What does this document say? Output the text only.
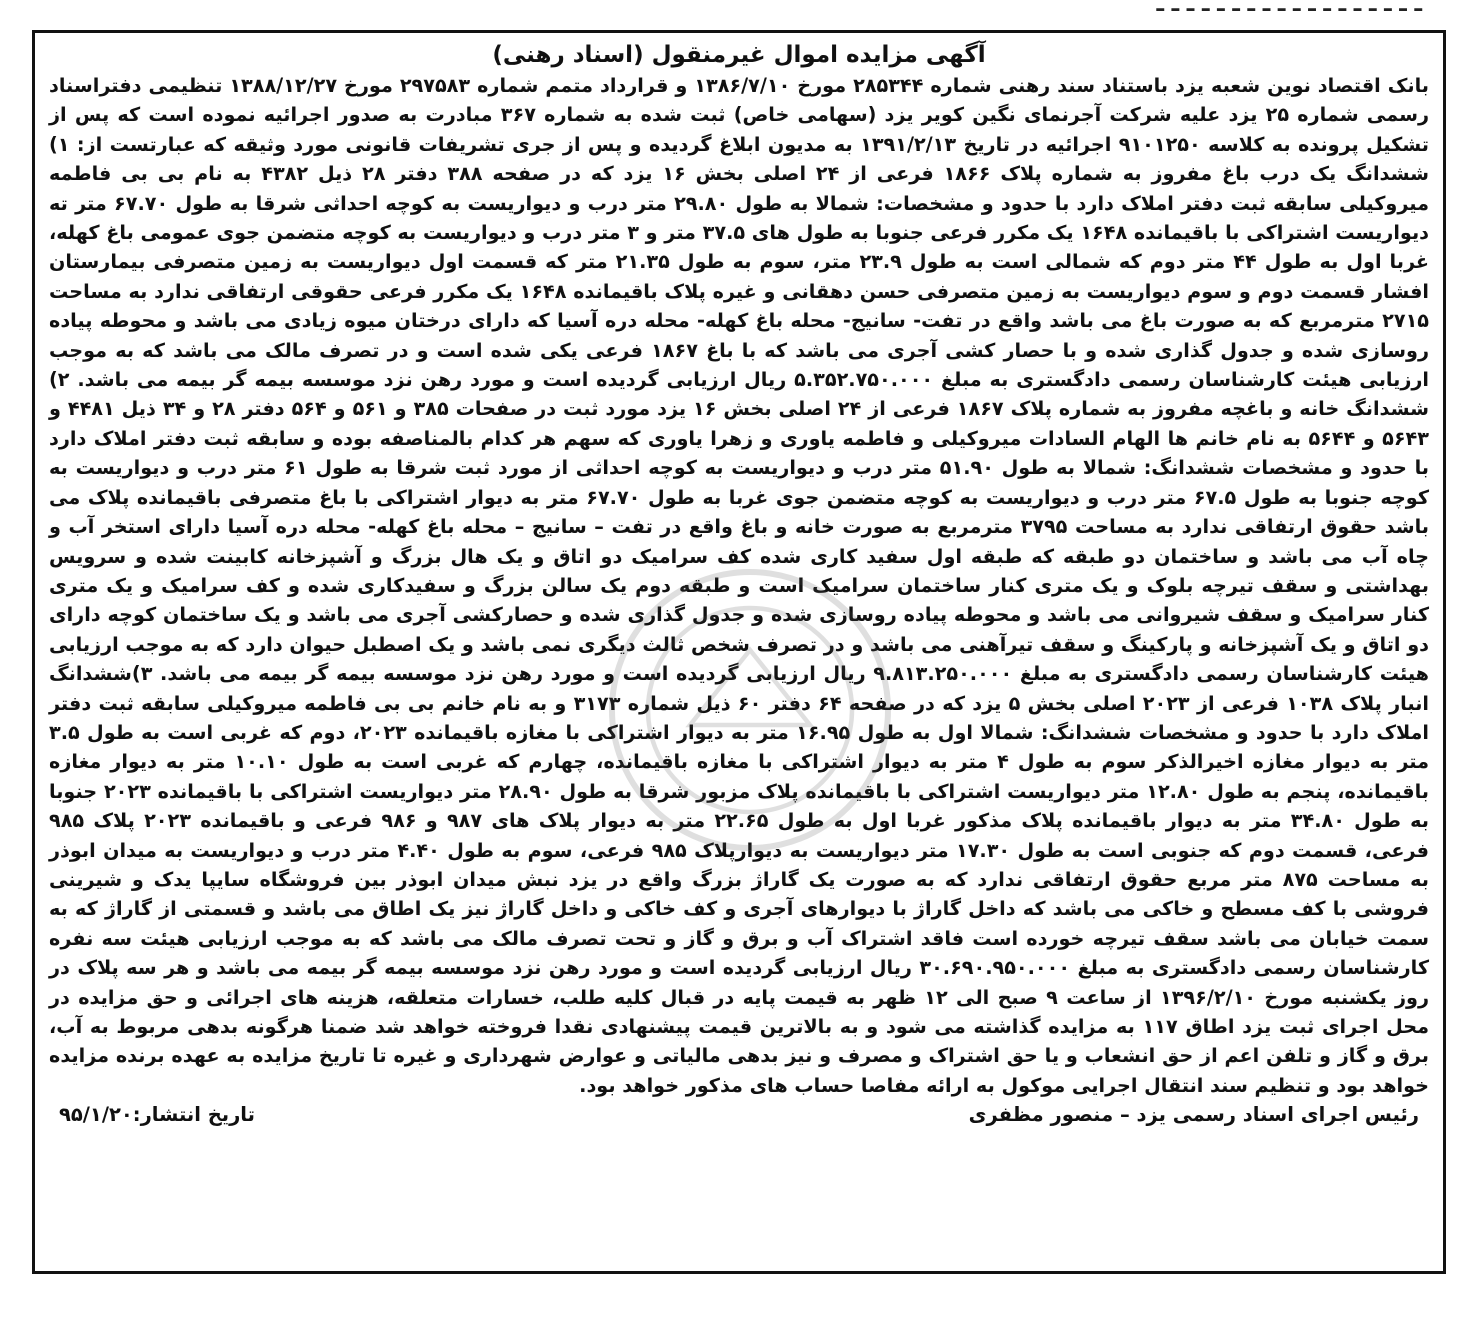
ـ ـ ـ ـ ـ ـ ـ ـ ـ ـ ـ ـ ـ ـ ـ ـ ـ ـ
آگهی مزایده اموال غیرمنقول (اسناد رهنی)

بانک اقتصاد نوین شعبه یزد باستناد سند رهنی شماره ۲۸۵۳۴۴ مورخ ۱۳۸۶/۷/۱۰ و قرارداد متمم شماره ۲۹۷۵۸۳ مورخ ۱۳۸۸/۱۲/۲۷ تنظیمی دفتراسناد رسمی شماره ۲۵ یزد علیه شرکت آجرنمای نگین کویر یزد (سهامی خاص) ثبت شده به شماره ۳۶۷ مبادرت به صدور اجرائیه نموده است که پس از تشکیل پرونده به کلاسه ۹۱۰۱۲۵۰ اجرائیه در تاریخ ۱۳۹۱/۲/۱۳ به مدیون ابلاغ گردیده و پس از جری تشریفات قانونی مورد وثیقه که عبارتست از: ۱) ششدانگ یک درب باغ مفروز به شماره پلاک ۱۸۶۶ فرعی از ۲۴ اصلی بخش ۱۶ یزد که در صفحه ۳۸۸ دفتر ۲۸ ذیل ۴۳۸۲ به نام بی بی فاطمه میروکیلی سابقه ثبت دفتر املاک دارد با حدود و مشخصات: شمالا به طول ۲۹.۸۰ متر درب و دیواریست به کوچه احداثی شرقا به طول ۶۷.۷۰ متر ته دیواریست اشتراکی با باقیمانده ۱۶۴۸ یک مکرر فرعی جنوبا به طول های ۳۷.۵ متر و ۳ متر درب و دیواریست به کوچه متضمن جوی عمومی باغ کهله، غربا اول به طول ۴۴ متر دوم که شمالی است به طول ۲۳.۹ متر، سوم به طول ۲۱.۳۵ متر که قسمت اول دیواریست به زمین متصرفی بیمارستان افشار قسمت دوم و سوم دیواریست به زمین متصرفی حسن دهقانی و غیره پلاک باقیمانده ۱۶۴۸ یک مکرر فرعی حقوقی ارتفاقی ندارد به مساحت ۲۷۱۵ مترمربع که به صورت باغ می باشد واقع در تفت- سانیج- محله باغ کهله- محله دره آسیا که دارای درختان میوه زیادی می باشد و محوطه پیاده روسازی شده و جدول گذاری شده و با حصار کشی آجری می باشد که با باغ ۱۸۶۷ فرعی یکی شده است و در تصرف مالک می باشد که به موجب ارزیابی هیئت کارشناسان رسمی دادگستری به مبلغ ۵.۳۵۲.۷۵۰.۰۰۰ ریال ارزیابی گردیده است و مورد رهن نزد موسسه بیمه گر بیمه می باشد. ۲) ششدانگ خانه و باغچه مفروز به شماره پلاک ۱۸۶۷ فرعی از ۲۴ اصلی بخش ۱۶ یزد مورد ثبت در صفحات ۳۸۵ و ۵۶۱ و ۵۶۴ دفتر ۲۸ و ۳۴ ذیل ۴۴۸۱ و ۵۶۴۳ و ۵۶۴۴ به نام خانم ها الهام السادات میروکیلی و فاطمه یاوری و زهرا یاوری که سهم هر کدام بالمناصفه بوده و سابقه ثبت دفتر املاک دارد با حدود و مشخصات ششدانگ: شمالا به طول ۵۱.۹۰ متر درب و دیواریست به کوچه احداثی از مورد ثبت شرقا به طول ۶۱ متر درب و دیواریست به کوچه جنوبا به طول ۶۷.۵ متر درب و دیواریست به کوچه متضمن جوی غربا به طول ۶۷.۷۰ متر به دیوار اشتراکی با باغ متصرفی باقیمانده پلاک می باشد حقوق ارتفاقی ندارد به مساحت ۳۷۹۵ مترمربع به صورت خانه و باغ واقع در تفت – سانیج – محله باغ کهله- محله دره آسیا دارای استخر آب و چاه آب می باشد و ساختمان دو طبقه که طبقه اول سفید کاری شده کف سرامیک دو اتاق و یک هال بزرگ و آشپزخانه کابینت شده و سرویس بهداشتی و سقف تیرچه بلوک و یک متری کنار ساختمان سرامیک است و طبقه دوم یک سالن بزرگ و سفیدکاری شده و کف سرامیک و یک متری کنار سرامیک و سقف شیروانی می باشد و محوطه پیاده روسازی شده و جدول گذاری شده و حصارکشی آجری می باشد و یک ساختمان کوچه دارای دو اتاق و یک آشپزخانه و پارکینگ و سقف تیرآهنی می باشد و در تصرف شخص ثالث دیگری نمی باشد و یک اصطبل حیوان دارد که به موجب ارزیابی هیئت کارشناسان رسمی دادگستری به مبلغ ۹.۸۱۳.۲۵۰.۰۰۰ ریال ارزیابی گردیده است و مورد رهن نزد موسسه بیمه گر بیمه می باشد. ۳)ششدانگ انبار پلاک ۱۰۳۸ فرعی از ۲۰۲۳ اصلی بخش ۵ یزد که در صفحه ۶۴ دفتر ۶۰ ذیل شماره ۳۱۷۳ و به نام خانم بی بی فاطمه میروکیلی سابقه ثبت دفتر املاک دارد با حدود و مشخصات ششدانگ: شمالا اول به طول ۱۶.۹۵ متر به دیوار اشتراکی با مغازه باقیمانده ۲۰۲۳، دوم که غربی است به طول ۳.۵ متر به دیوار مغازه اخیرالذکر سوم به طول ۴ متر به دیوار اشتراکی با مغازه باقیمانده، چهارم که غربی است به طول ۱۰.۱۰ متر به دیوار مغازه باقیمانده، پنجم به طول ۱۲.۸۰ متر دیواریست اشتراکی با باقیمانده پلاک مزبور شرقا به طول ۲۸.۹۰ متر دیواریست اشتراکی با باقیمانده ۲۰۲۳ جنوبا به طول ۳۴.۸۰ متر به دیوار باقیمانده پلاک مذکور غربا اول به طول ۲۲.۶۵ متر به دیوار پلاک های ۹۸۷ و ۹۸۶ فرعی و باقیمانده ۲۰۲۳ پلاک ۹۸۵ فرعی، قسمت دوم که جنوبی است به طول ۱۷.۳۰ متر دیواریست به دیوارپلاک ۹۸۵ فرعی، سوم به طول ۴.۴۰ متر درب و دیواریست به میدان ابوذر به مساحت ۸۷۵ متر مربع حقوق ارتفاقی ندارد که به صورت یک گاراژ بزرگ واقع در یزد نبش میدان ابوذر بین فروشگاه سایپا یدک و شیرینی فروشی با کف مسطح و خاکی می باشد که داخل گاراژ با دیوارهای آجری و کف خاکی و داخل گاراژ نیز یک اطاق می باشد و قسمتی از گاراژ که به سمت خیابان می باشد سقف تیرچه خورده است فاقد اشتراک آب و برق و گاز و تحت تصرف مالک می باشد که به موجب ارزیابی هیئت سه نفره کارشناسان رسمی دادگستری به مبلغ ۳۰.۶۹۰.۹۵۰.۰۰۰ ریال ارزیابی گردیده است و مورد رهن نزد موسسه بیمه گر بیمه می باشد و هر سه پلاک در روز یکشنبه مورخ ۱۳۹۶/۲/۱۰ از ساعت ۹ صبح الی ۱۲ ظهر به قیمت پایه در قبال کلیه طلب، خسارات متعلقه، هزینه های اجرائی و حق مزایده در محل اجرای ثبت یزد اطاق ۱۱۷ به مزایده گذاشته می شود و به بالاترین قیمت پیشنهادی نقدا فروخته خواهد شد ضمنا هرگونه بدهی مربوط به آب، برق و گاز و تلفن اعم از حق انشعاب و یا حق اشتراک و مصرف و نیز بدهی مالیاتی و عوارض شهرداری و غیره تا تاریخ مزایده به عهده برنده مزایده خواهد بود و تنظیم سند انتقال اجرایی موکول به ارائه مفاصا حساب های مذکور خواهد بود.

رئیس اجرای اسناد رسمی یزد – منصور مظفری
تاریخ انتشار:۹۵/۱/۲۰
